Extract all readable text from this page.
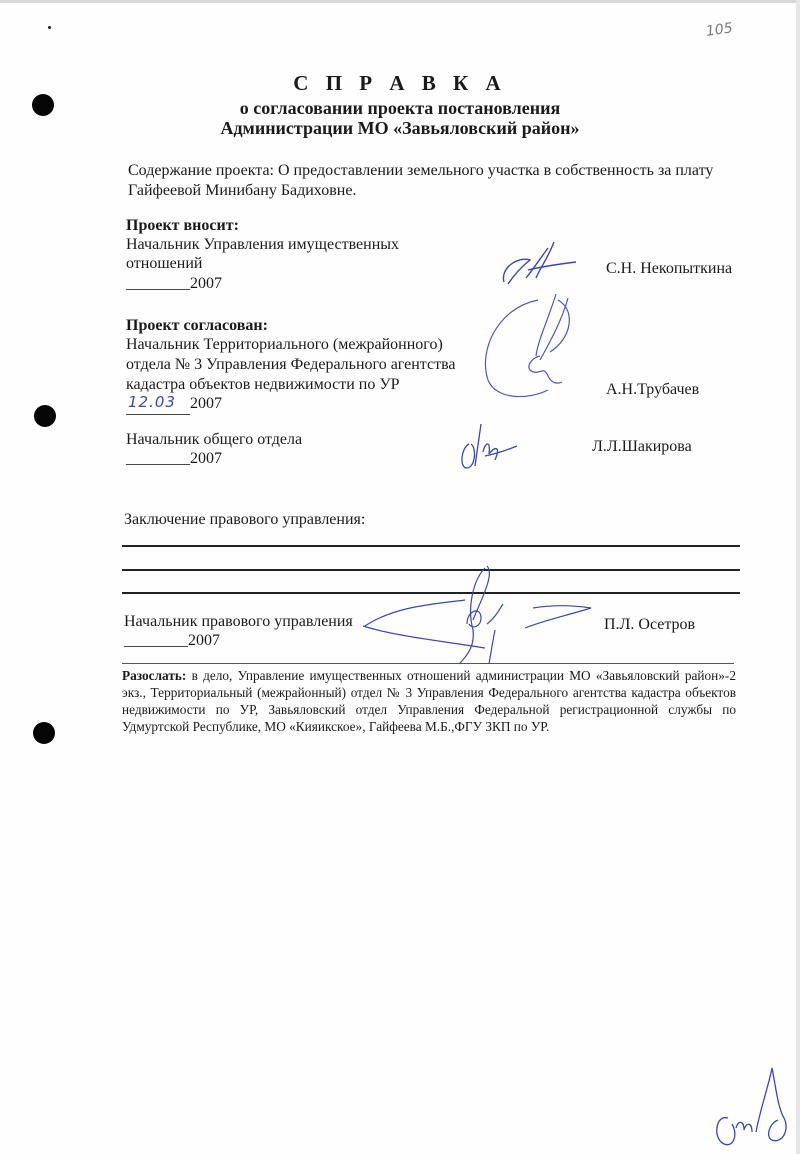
105
С П Р А В К А
о согласовании проекта постановления
Администрации МО «Завьяловский район»
Содержание проекта: О предоставлении земельного участка в собственность за плату
Гайфеевой Минибану Бадиховне.
Проект вносит:
Начальник Управления имущественных
отношений
________2007
С.Н. Некопыткина
Проект согласован:
Начальник Территориального (межрайонного)
отдела № 3 Управления Федерального агентства
кадастра объектов недвижимости по УР
12.03 2007
А.Н.Трубачев
Начальник общего отдела
________2007
Л.Л.Шакирова
Заключение правового управления:
Начальник правового управления
________2007
П.Л. Осетров
Разослать: в дело, Управление имущественных отношений администрации МО «Завьяловский район»-2 экз., Территориальный (межрайонный) отдел № 3 Управления Федерального агентства кадастра объектов недвижимости по УР, Завьяловский отдел Управления Федеральной регистрационной службы по Удмуртской Республике, МО «Кияикское», Гайфеева М.Б.,ФГУ ЗКП по УР.
